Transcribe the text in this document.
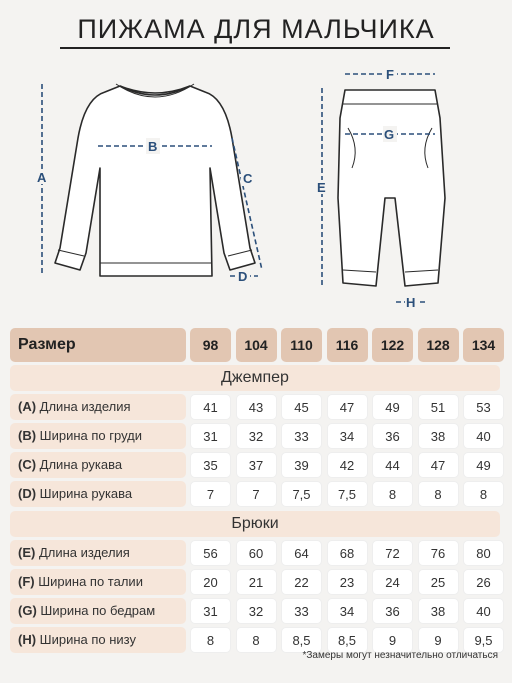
ПИЖАМА ДЛЯ МАЛЬЧИКА
A
B
C
D
F
G
E
H
Размер	98	104	110	116	122	128	134
Джемпер
(A) Длина изделия	41	43	45	47	49	51	53
(B) Ширина по груди	31	32	33	34	36	38	40
(C) Длина рукава	35	37	39	42	44	47	49
(D) Ширина рукава	7	7	7,5	7,5	8	8	8
Брюки
(E) Длина изделия	56	60	64	68	72	76	80
(F) Ширина по талии	20	21	22	23	24	25	26
(G) Ширина по бедрам	31	32	33	34	36	38	40
(H) Ширина по низу	8	8	8,5	8,5	9	9	9,5
*Замеры могут незначительно отличаться
